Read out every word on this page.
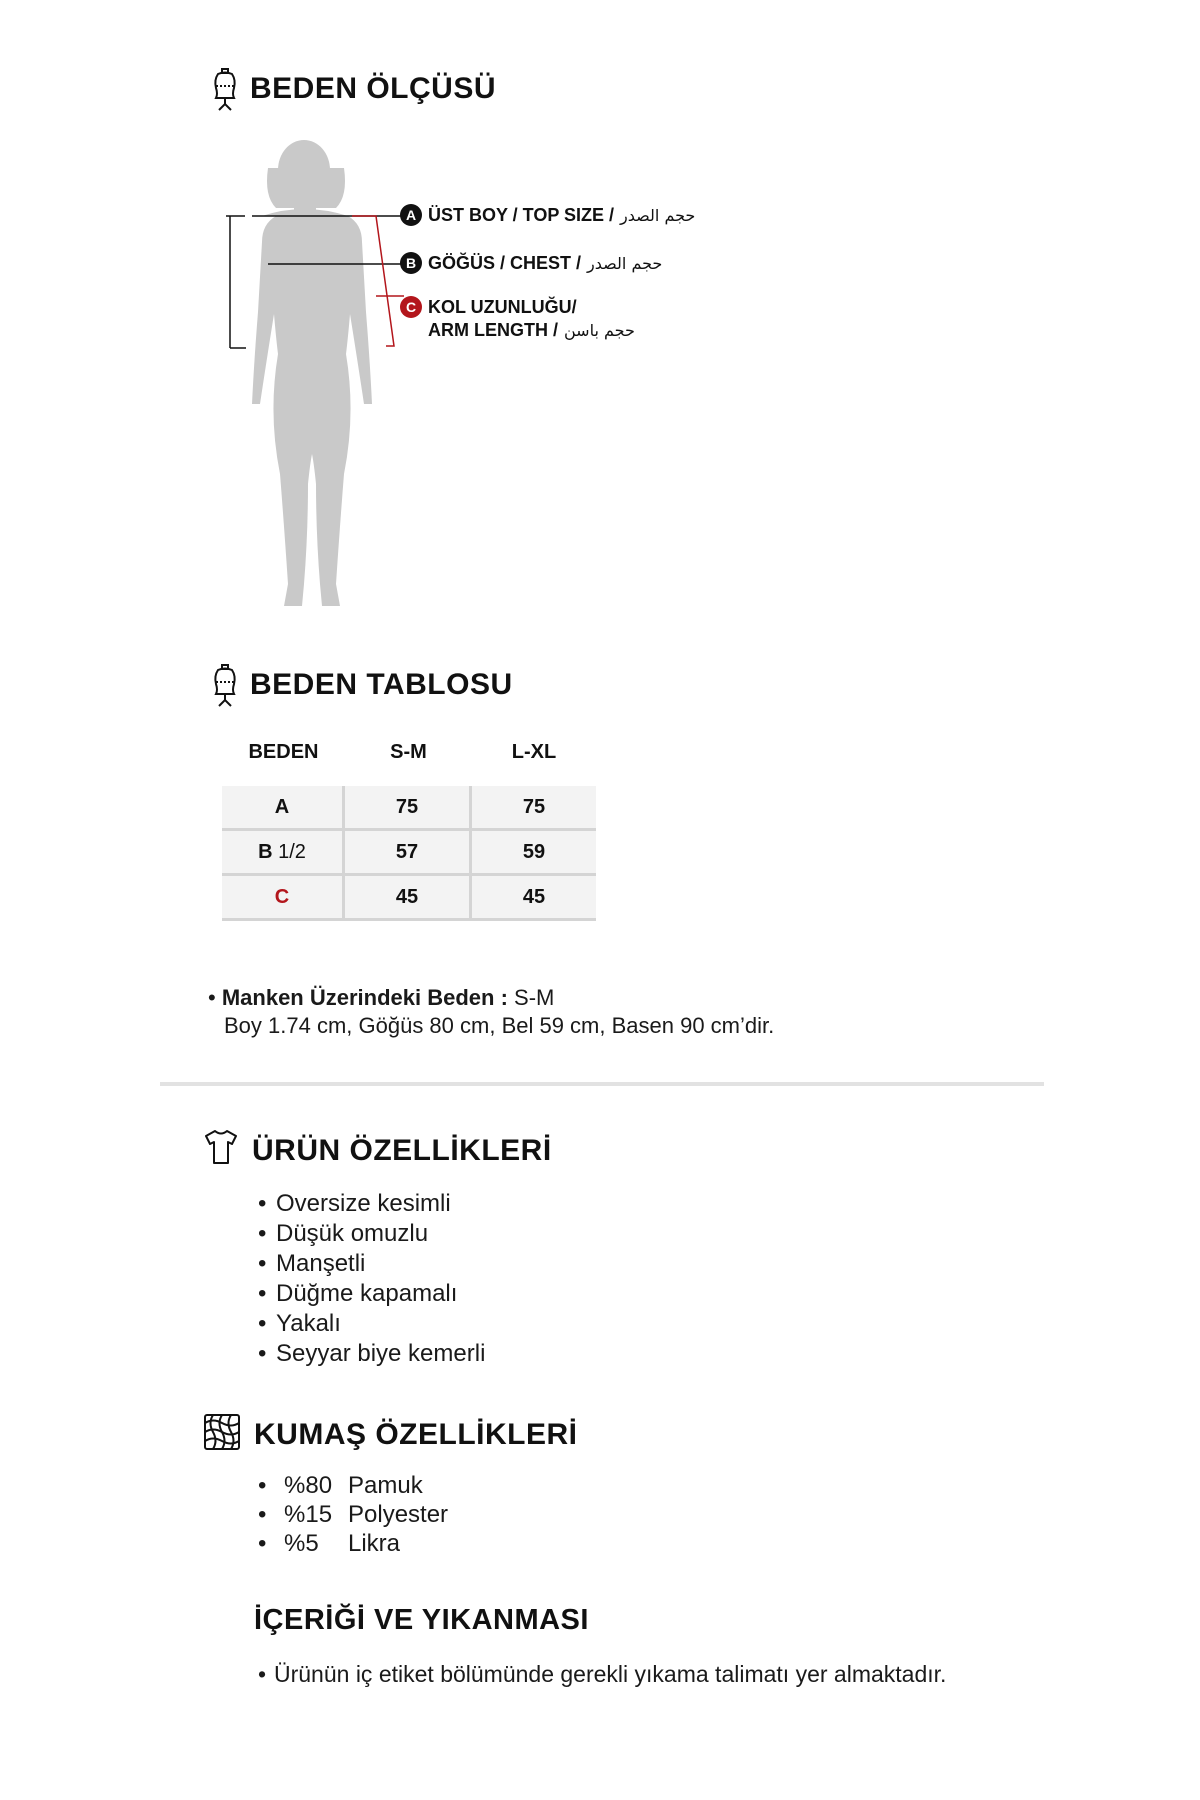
BEDEN ÖLÇÜSÜ
A ÜST BOY / TOP SIZE / حجم الصدر
B GÖĞÜS / CHEST / حجم الصدر
C KOL UZUNLUĞU/
ARM LENGTH / حجم باسن
BEDEN TABLOSU
BEDEN	S-M	L-XL

A	75	75
B 1/2	57	59
C	45	45
• Manken Üzerindeki Beden : S-M
Boy 1.74 cm, Göğüs 80 cm, Bel 59 cm, Basen 90 cm’dir.
ÜRÜN ÖZELLİKLERİ
• Oversize kesimli
• Düşük omuzlu
• Manşetli
• Düğme kapamalı
• Yakalı
• Seyyar biye kemerli
KUMAŞ ÖZELLİKLERİ
• %80 Pamuk
• %15 Polyester
• %5 Likra
İÇERİĞİ VE YIKANMASI
• Ürünün iç etiket bölümünde gerekli yıkama talimatı yer almaktadır.
